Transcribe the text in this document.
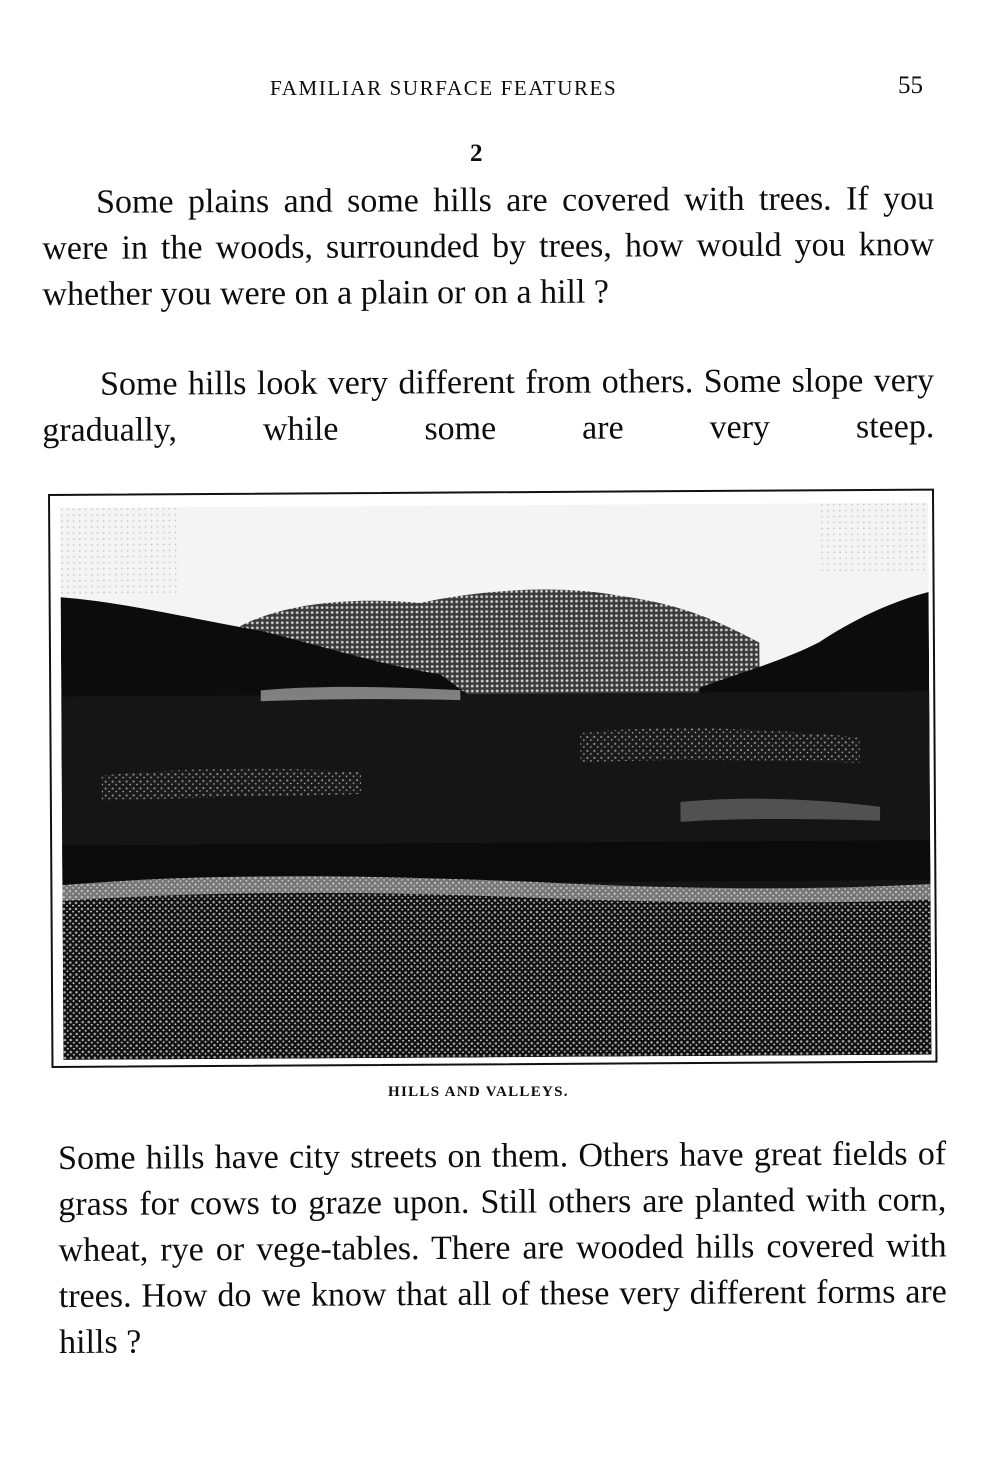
FAMILIAR SURFACE FEATURES	55
2

Some plains and some hills are covered with trees. If you were in the woods, surrounded by trees, how would you know whether you were on a plain or on a hill ?

Some hills look very different from others. Some slope very gradually, while some are very steep.

HILLS AND VALLEYS.

Some hills have city streets on them. Others have great fields of grass for cows to graze upon. Still others are planted with corn, wheat, rye or vege-tables. There are wooded hills covered with trees. How do we know that all of these very different forms are hills ?
